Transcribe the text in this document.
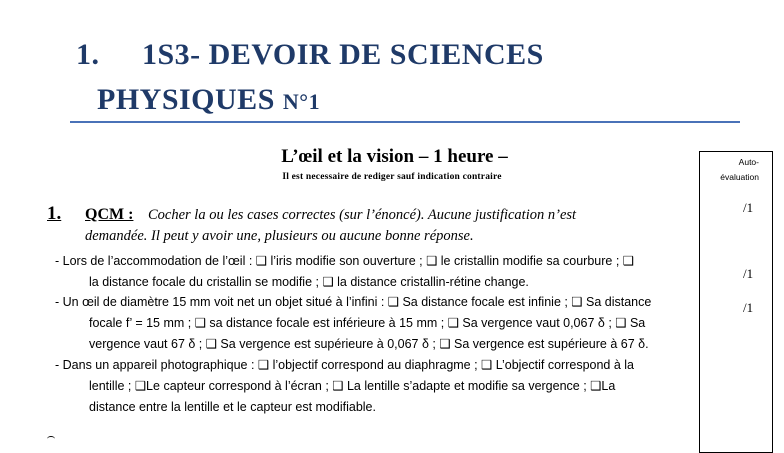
1. 1S3- DEVOIR DE SCIENCES
PHYSIQUES N°1
L’œil et la vision – 1 heure –
Il est necessaire de rediger sauf indication contraire
Auto-
évaluation
/1
/1
/1
1. QCM : Cocher la ou les cases correctes (sur l’énoncé). Aucune justification n’est
demandée. Il peut y avoir une, plusieurs ou aucune bonne réponse.
- Lors de l’accommodation de l’œil : ❑ l’iris modifie son ouverture ; ❑ le cristallin modifie sa courbure ; ❑
la distance focale du cristallin se modifie ; ❑ la distance cristallin-rétine change.
- Un œil de diamètre 15 mm voit net un objet situé à l’infini : ❑ Sa distance focale est infinie ; ❑ Sa distance
focale f’ = 15 mm ; ❑ sa distance focale est inférieure à 15 mm ; ❑ Sa vergence vaut 0,067 δ ; ❑ Sa
vergence vaut 67 δ ; ❑ Sa vergence est supérieure à 0,067 δ ; ❑ Sa vergence est supérieure à 67 δ.
- Dans un appareil photographique : ❑ l’objectif correspond au diaphragme ; ❑ L’objectif correspond à la
lentille ; ❑Le capteur correspond à l’écran ; ❑ La lentille s’adapte et modifie sa vergence ; ❑La
distance entre la lentille et le capteur est modifiable.
